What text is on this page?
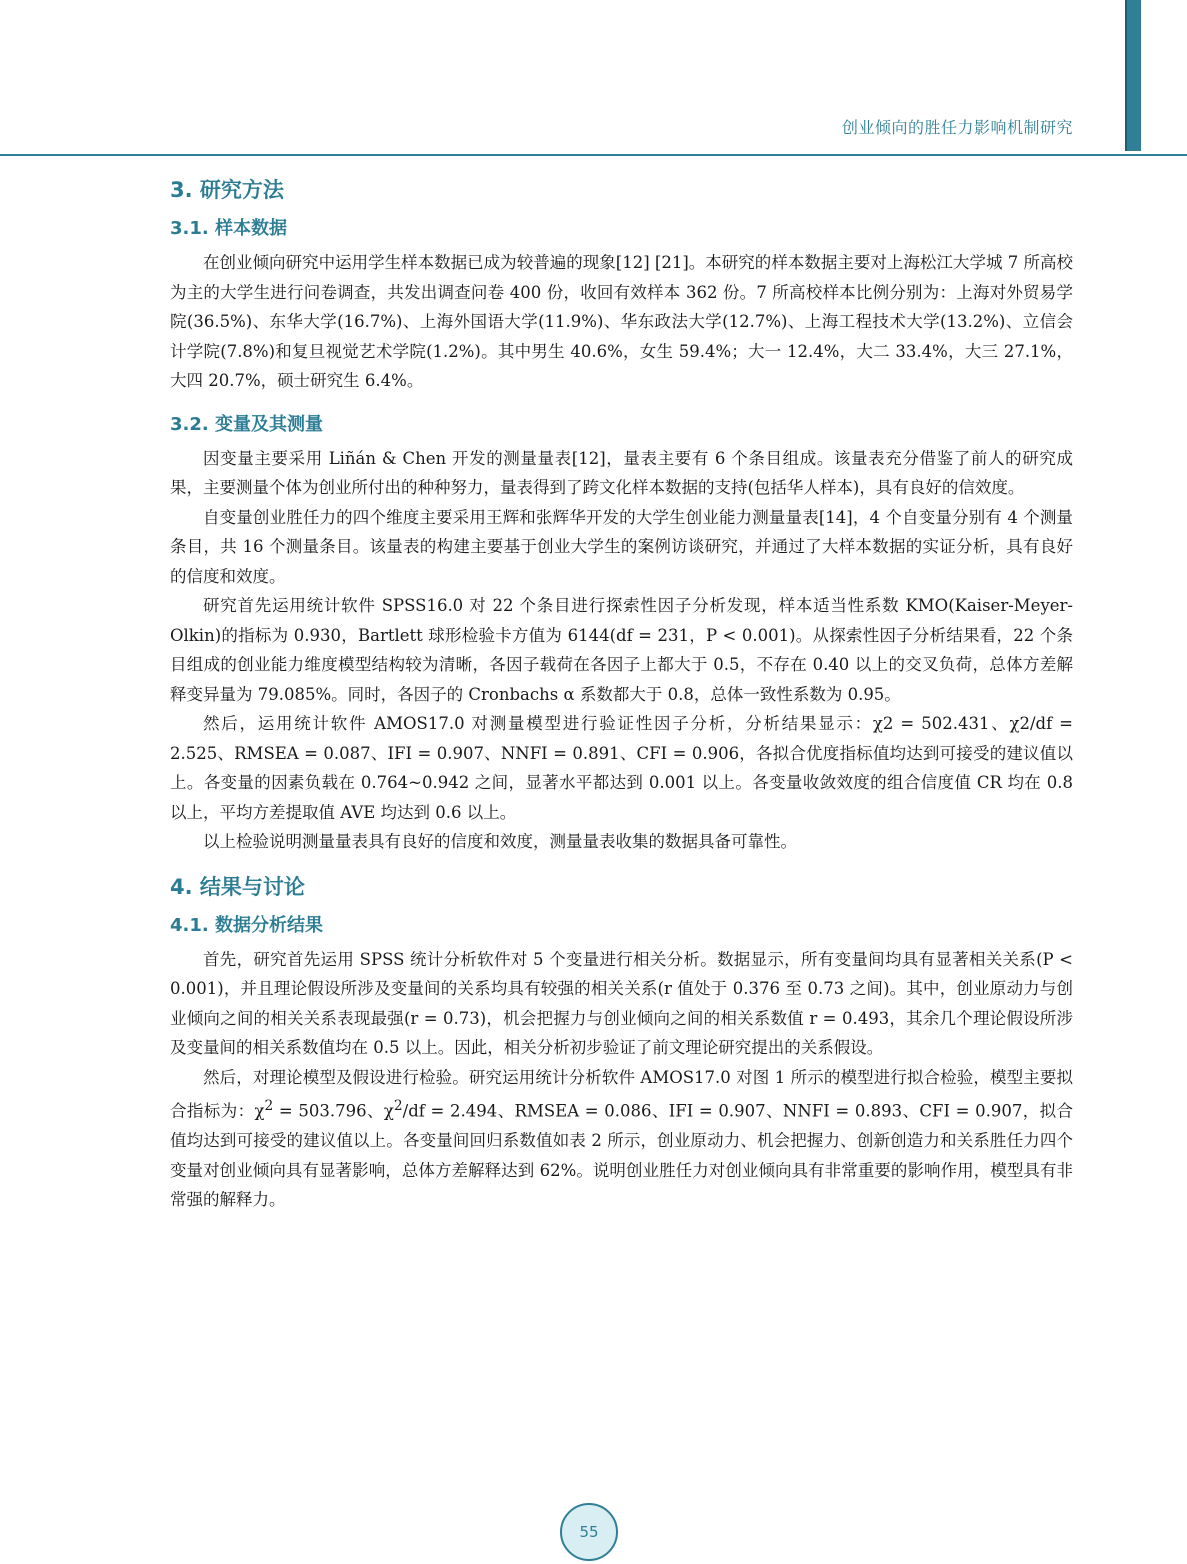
创业倾向的胜任力影响机制研究
3. 研究方法
3.1. 样本数据

在创业倾向研究中运用学生样本数据已成为较普遍的现象[12] [21]。本研究的样本数据主要对上海松江大学城 7 所高校为主的大学生进行问卷调查，共发出调查问卷 400 份，收回有效样本 362 份。7 所高校样本比例分别为：上海对外贸易学院(36.5%)、东华大学(16.7%)、上海外国语大学(11.9%)、华东政法大学(12.7%)、上海工程技术大学(13.2%)、立信会计学院(7.8%)和复旦视觉艺术学院(1.2%)。其中男生 40.6%，女生 59.4%；大一 12.4%，大二 33.4%，大三 27.1%，大四 20.7%，硕士研究生 6.4%。

3.2. 变量及其测量

因变量主要采用 Liñán & Chen 开发的测量量表[12]，量表主要有 6 个条目组成。该量表充分借鉴了前人的研究成果，主要测量个体为创业所付出的种种努力，量表得到了跨文化样本数据的支持(包括华人样本)，具有良好的信效度。

自变量创业胜任力的四个维度主要采用王辉和张辉华开发的大学生创业能力测量量表[14]，4 个自变量分别有 4 个测量条目，共 16 个测量条目。该量表的构建主要基于创业大学生的案例访谈研究，并通过了大样本数据的实证分析，具有良好的信度和效度。

研究首先运用统计软件 SPSS16.0 对 22 个条目进行探索性因子分析发现，样本适当性系数 KMO(Kaiser-Meyer-Olkin)的指标为 0.930，Bartlett 球形检验卡方值为 6144(df = 231，P < 0.001)。从探索性因子分析结果看，22 个条目组成的创业能力维度模型结构较为清晰，各因子载荷在各因子上都大于 0.5，不存在 0.40 以上的交叉负荷，总体方差解释变异量为 79.085%。同时，各因子的 Cronbachs α 系数都大于 0.8，总体一致性系数为 0.95。

然后，运用统计软件 AMOS17.0 对测量模型进行验证性因子分析，分析结果显示：χ2 = 502.431、χ2/df = 2.525、RMSEA = 0.087、IFI = 0.907、NNFI = 0.891、CFI = 0.906，各拟合优度指标值均达到可接受的建议值以上。各变量的因素负载在 0.764~0.942 之间，显著水平都达到 0.001 以上。各变量收敛效度的组合信度值 CR 均在 0.8 以上，平均方差提取值 AVE 均达到 0.6 以上。

以上检验说明测量量表具有良好的信度和效度，测量量表收集的数据具备可靠性。

4. 结果与讨论
4.1. 数据分析结果

首先，研究首先运用 SPSS 统计分析软件对 5 个变量进行相关分析。数据显示，所有变量间均具有显著相关关系(P < 0.001)，并且理论假设所涉及变量间的关系均具有较强的相关关系(r 值处于 0.376 至 0.73 之间)。其中，创业原动力与创业倾向之间的相关关系表现最强(r = 0.73)，机会把握力与创业倾向之间的相关系数值 r = 0.493，其余几个理论假设所涉及变量间的相关系数值均在 0.5 以上。因此，相关分析初步验证了前文理论研究提出的关系假设。

然后，对理论模型及假设进行检验。研究运用统计分析软件 AMOS17.0 对图 1 所示的模型进行拟合检验，模型主要拟合指标为：$\chi^2 = 503.796$、$\chi^2/df = 2.494$、RMSEA = 0.086、IFI = 0.907、NNFI = 0.893、CFI = 0.907，拟合值均达到可接受的建议值以上。各变量间回归系数值如表 2 所示，创业原动力、机会把握力、创新创造力和关系胜任力四个变量对创业倾向具有显著影响，总体方差解释达到 62%。说明创业胜任力对创业倾向具有非常重要的影响作用，模型具有非常强的解释力。

55
